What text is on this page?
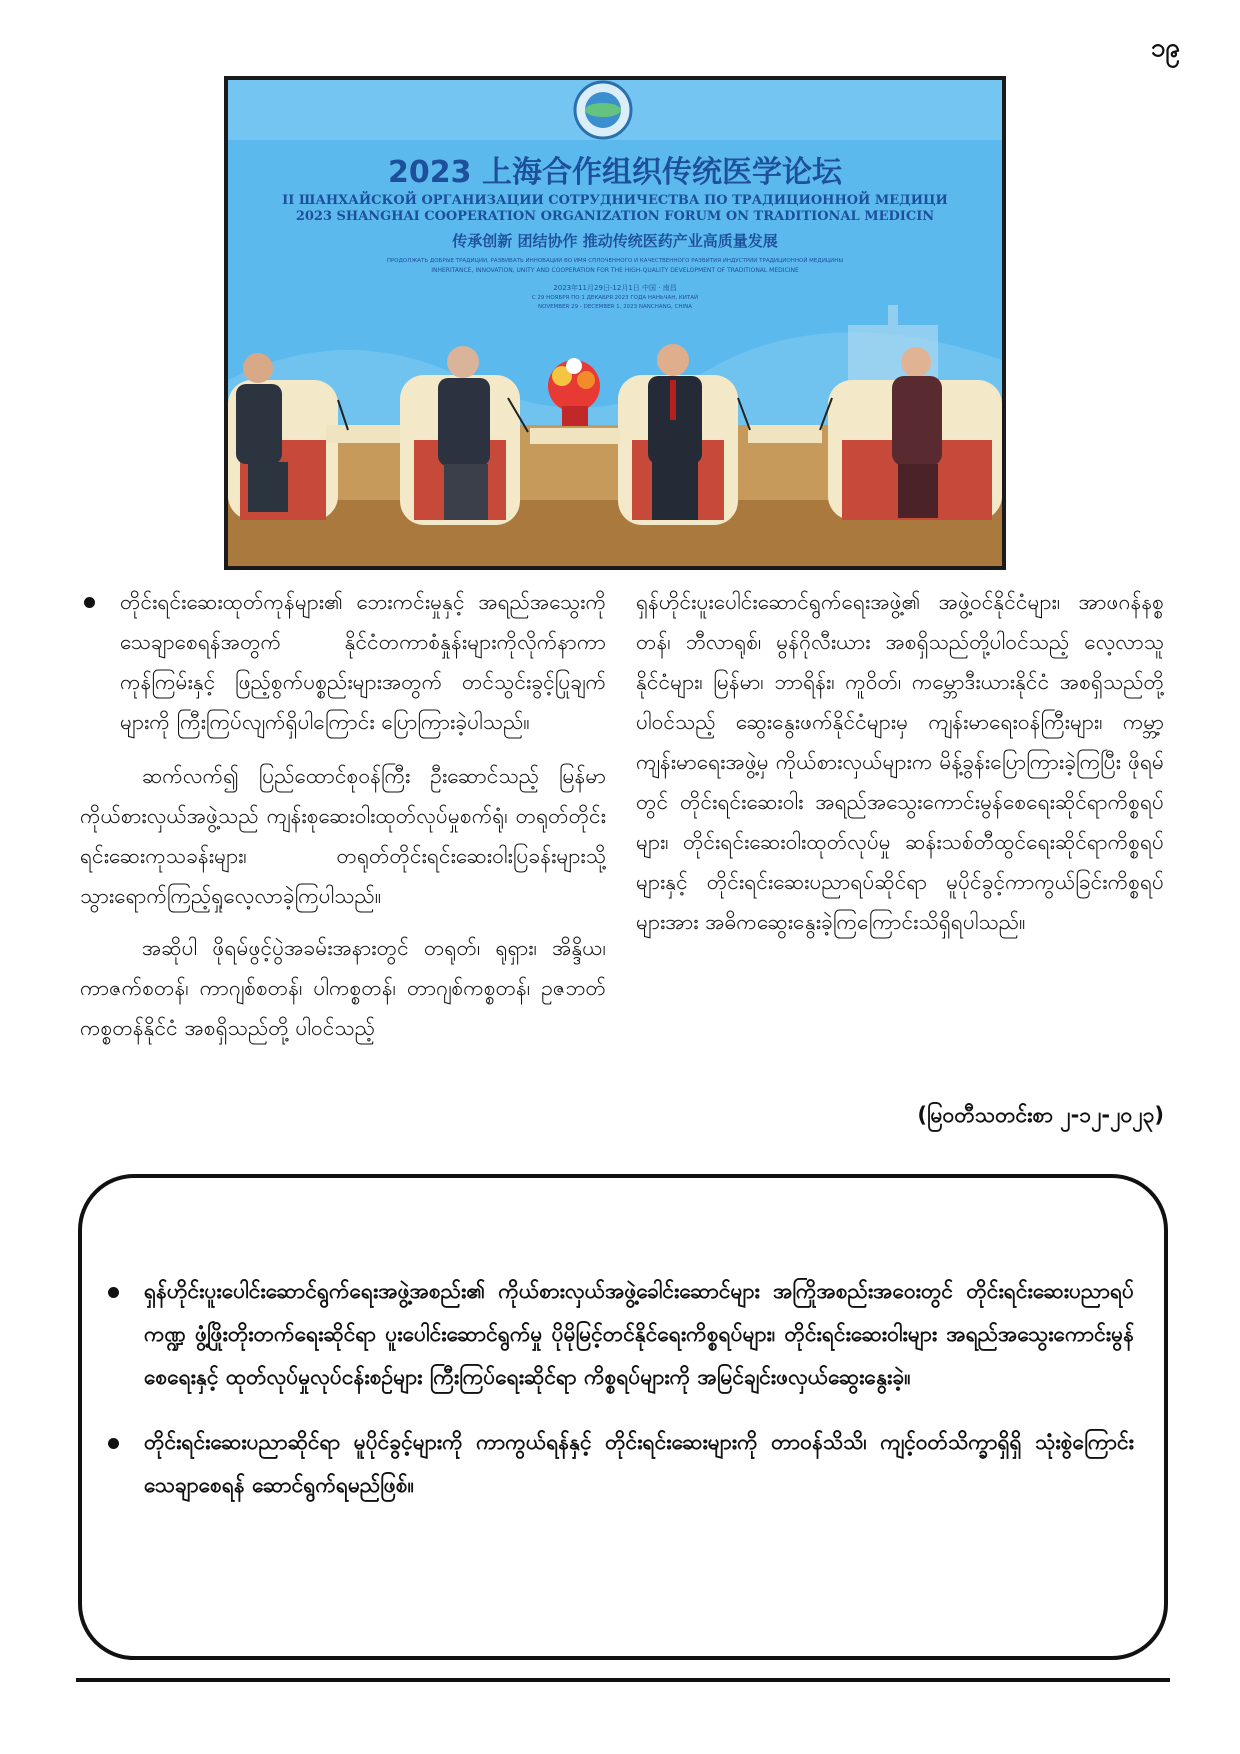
၁၉
2023 上海合作组织传统医学论坛
II ШАНХАЙСКОЙ ОРГАНИЗАЦИИ СОТРУДНИЧЕСТВА ПО ТРАДИЦИОННОЙ МЕДИЦИ
2023 SHANGHAI COOPERATION ORGANIZATION FORUM ON TRADITIONAL MEDICIN
传承创新 团结协作 推动传统医药产业高质量发展
ПРОДОЛЖАТЬ ДОБРЫЕ ТРАДИЦИИ, РАЗВИВАТЬ ИННОВАЦИИ ВО ИМЯ СПЛОЧЕННОГО И КАЧЕСТВЕННОГО РАЗВИТИЯ ИНДУСТРИИ ТРАДИЦИОННОЙ МЕДИЦИНЫ
INHERITANCE, INNOVATION, UNITY AND COOPERATION FOR THE HIGH-QUALITY DEVELOPMENT OF TRADITIONAL MEDICINE
2023年11月29日-12月1日 中国 · 南昌
С 29 НОЯБРЯ ПО 1 ДЕКАБРЯ 2023 ГОДА НАНЬЧАН, КИТАЙ
NOVEMBER 29 - DECEMBER 1, 2023 NANCHANG, CHINA
တိုင်းရင်းဆေးထုတ်ကုန်များ၏ ဘေးကင်းမှုနှင့် အရည်အသွေးကို သေချာစေရန်အတွက် နိုင်ငံတကာစံနှုန်းများကိုလိုက်နာကာ ကုန်ကြမ်းနှင့် ဖြည့်စွက်ပစ္စည်းများအတွက် တင်သွင်းခွင့်ပြုချက်များကို ကြီးကြပ်လျက်ရှိပါကြောင်း ပြောကြားခဲ့ပါသည်။

ဆက်လက်၍ ပြည်ထောင်စုဝန်ကြီး ဦးဆောင်သည့် မြန်မာကိုယ်စားလှယ်အဖွဲ့သည် ကျန်းစုဆေးဝါးထုတ်လုပ်မှုစက်ရုံ၊ တရုတ်တိုင်းရင်းဆေးကုသခန်းများ၊ တရုတ်တိုင်းရင်းဆေးဝါးပြခန်းများသို့ သွားရောက်ကြည့်ရှုလေ့လာခဲ့ကြပါသည်။

အဆိုပါ ဖိုရမ်ဖွင့်ပွဲအခမ်းအနားတွင် တရုတ်၊ ရုရှား၊ အိန္ဒိယ၊ ကာဇက်စတန်၊ ကာဂျစ်စတန်၊ ပါကစ္စတန်၊ တာဂျစ်ကစ္စတန်၊ ဥဇဘတ်ကစ္စတန်နိုင်ငံ အစရှိသည်တို့ ပါဝင်သည့်

ရှန်ဟိုင်းပူးပေါင်းဆောင်ရွက်ရေးအဖွဲ့၏ အဖွဲ့ဝင်နိုင်ငံများ၊ အာဖဂန်နစ္စတန်၊ ဘီလာရုစ်၊ မွန်ဂိုလီးယား အစရှိသည်တို့ပါဝင်သည့် လေ့လာသူနိုင်ငံများ၊ မြန်မာ၊ ဘာရိန်း၊ ကူဝိတ်၊ ကမ္ဘောဒီးယားနိုင်ငံ အစရှိသည်တို့ပါဝင်သည့် ဆွေးနွေးဖက်နိုင်ငံများမှ ကျန်းမာရေးဝန်ကြီးများ၊ ကမ္ဘာ့ကျန်းမာရေးအဖွဲ့မှ ကိုယ်စားလှယ်များက မိန့်ခွန်းပြောကြားခဲ့ကြပြီး ဖိုရမ်တွင် တိုင်းရင်းဆေးဝါး အရည်အသွေးကောင်းမွန်စေရေးဆိုင်ရာကိစ္စရပ်များ၊ တိုင်းရင်းဆေးဝါးထုတ်လုပ်မှု ဆန်းသစ်တီထွင်ရေးဆိုင်ရာကိစ္စရပ်များနှင့် တိုင်းရင်းဆေးပညာရပ်ဆိုင်ရာ မူပိုင်ခွင့်ကာကွယ်ခြင်းကိစ္စရပ်များအား အဓိကဆွေးနွေးခဲ့ကြကြောင်းသိရှိရပါသည်။

(မြဝတီသတင်းစာ ၂-၁၂-၂၀၂၃)
ရှန်ဟိုင်းပူးပေါင်းဆောင်ရွက်ရေးအဖွဲ့အစည်း၏ ကိုယ်စားလှယ်အဖွဲ့ခေါင်းဆောင်များ အကြိုအစည်းအဝေးတွင် တိုင်းရင်းဆေးပညာရပ်ကဏ္ဍ ဖွံ့ဖြိုးတိုးတက်ရေးဆိုင်ရာ ပူးပေါင်းဆောင်ရွက်မှု ပိုမိုမြင့်တင်နိုင်ရေးကိစ္စရပ်များ၊ တိုင်းရင်းဆေးဝါးများ အရည်အသွေးကောင်းမွန်စေရေးနှင့် ထုတ်လုပ်မှုလုပ်ငန်းစဉ်များ ကြီးကြပ်ရေးဆိုင်ရာ ကိစ္စရပ်များကို အမြင်ချင်းဖလှယ်ဆွေးနွေးခဲ့။
တိုင်းရင်းဆေးပညာဆိုင်ရာ မူပိုင်ခွင့်များကို ကာကွယ်ရန်နှင့် တိုင်းရင်းဆေးများကို တာဝန်သိသိ၊ ကျင့်ဝတ်သိက္ခာရှိရှိ သုံးစွဲကြောင်း သေချာစေရန် ဆောင်ရွက်ရမည်ဖြစ်။
